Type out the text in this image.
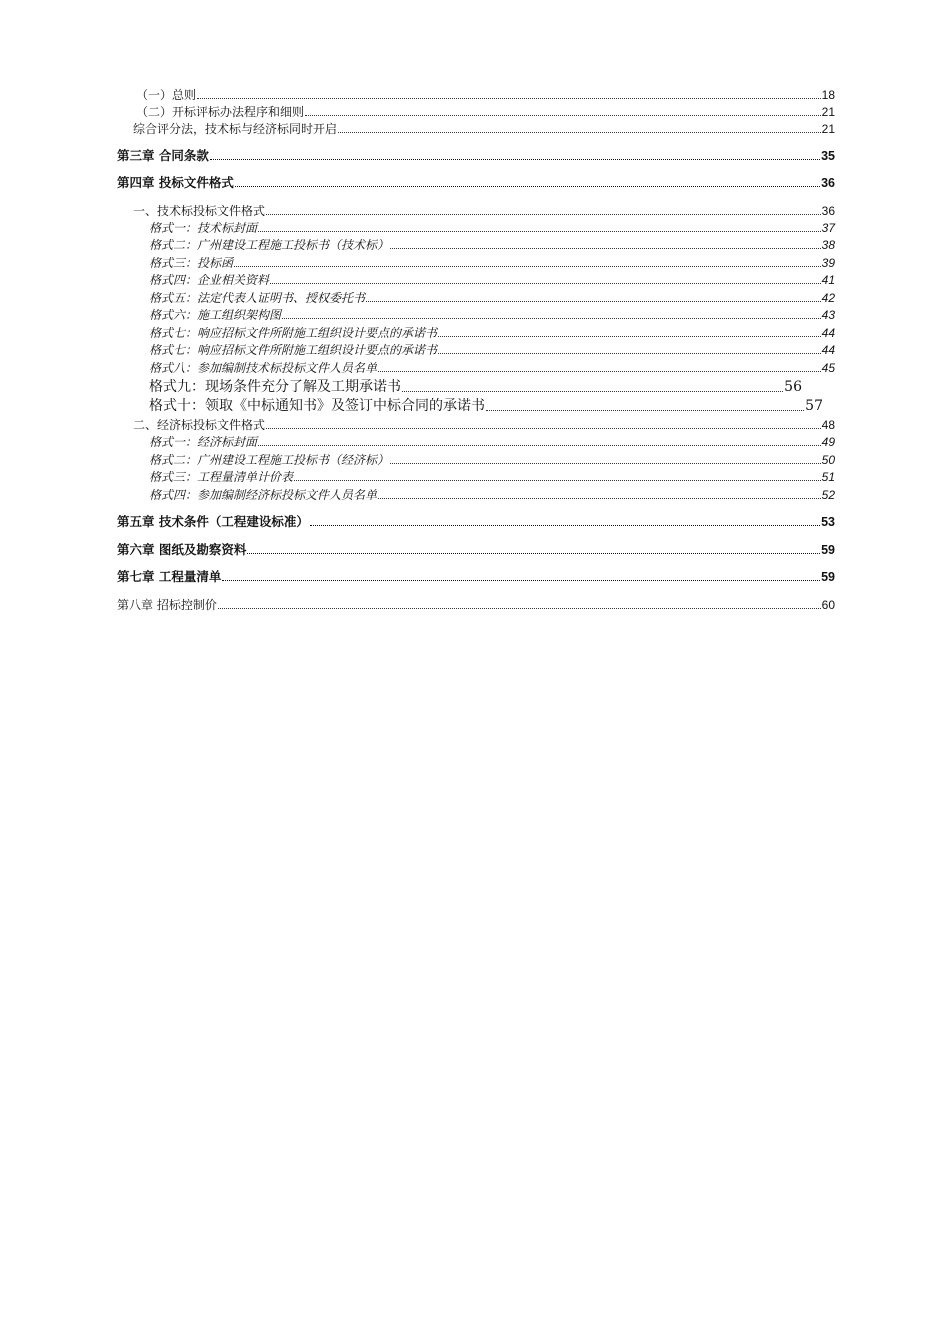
（一）总则	18
（二）开标评标办法程序和细则	21
综合评分法，技术标与经济标同时开启	21
第三章 合同条款	35
第四章 投标文件格式	36
一、技术标投标文件格式	36
格式一：技术标封面	37
格式二：广州建设工程施工投标书（技术标）	38
格式三：投标函	39
格式四：企业相关资料	41
格式五：法定代表人证明书、授权委托书	42
格式六：施工组织架构图	43
格式七：响应招标文件所附施工组织设计要点的承诺书	44
格式七：响应招标文件所附施工组织设计要点的承诺书	44
格式八：参加编制技术标投标文件人员名单	45
格式九：现场条件充分了解及工期承诺书	56
格式十：领取《中标通知书》及签订中标合同的承诺书	57
二、经济标投标文件格式	48
格式一：经济标封面	49
格式二：广州建设工程施工投标书（经济标）	50
格式三：工程量清单计价表	51
格式四：参加编制经济标投标文件人员名单	52
第五章 技术条件（工程建设标准）	53
第六章 图纸及勘察资料	59
第七章 工程量清单	59
第八章 招标控制价	60
